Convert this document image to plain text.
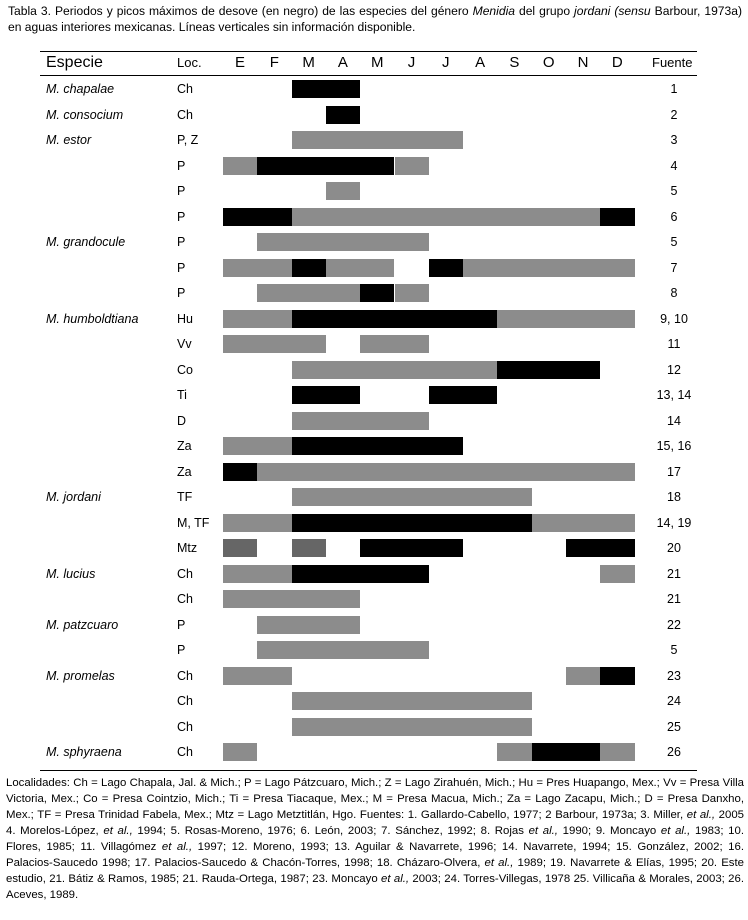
Tabla 3. Periodos y picos máximos de desove (en negro) de las especies del género Menidia del grupo jordani (sensu Barbour, 1973a) en aguas interiores mexicanas. Líneas verticales sin información disponible.
Especie	Loc.	E	F	M	A	M	J	J	A	S	O	N	D	Fuente
M. chapalae	Ch	1
M. consocium	Ch	2
M. estor	P, Z	3
P	4
P	5
P	6
M. grandocule	P	5
P	7
P	8
M. humboldtiana	Hu	9, 10
Vv	11
Co	12
Ti	13, 14
D	14
Za	15, 16
Za	17
M. jordani	TF	18
M, TF	14, 19
Mtz	20
M. lucius	Ch	21
Ch	21
M. patzcuaro	P	22
P	5
M. promelas	Ch	23
Ch	24
Ch	25
M. sphyraena	Ch	26
Localidades: Ch = Lago Chapala, Jal. & Mich.; P = Lago Pátzcuaro, Mich.; Z = Lago Zirahuén, Mich.; Hu = Pres Huapango, Mex.; Vv = Presa Villa Victoria, Mex.; Co = Presa Cointzio, Mich.; Ti = Presa Tiacaque, Mex.; M = Presa Macua, Mich.; Za = Lago Zacapu, Mich.; D = Presa Danxho, Mex.; TF = Presa Trinidad Fabela, Mex.; Mtz = Lago Metztitlán, Hgo. Fuentes: 1. Gallardo-Cabello, 1977; 2 Barbour, 1973a; 3. Miller, et al., 2005 4. Morelos-López, et al., 1994; 5. Rosas-Moreno, 1976; 6. León, 2003; 7. Sánchez, 1992; 8. Rojas et al., 1990; 9. Moncayo et al., 1983; 10. Flores, 1985; 11. Villagómez et al., 1997; 12. Moreno, 1993; 13. Aguilar & Navarrete, 1996; 14. Navarrete, 1994; 15. González, 2002; 16. Palacios-Saucedo 1998; 17. Palacios-Saucedo & Chacón-Torres, 1998; 18. Cházaro-Olvera, et al., 1989; 19. Navarrete & Elías, 1995; 20. Este estudio, 21. Bátiz & Ramos, 1985; 21. Rauda-Ortega, 1987; 23. Moncayo et al., 2003; 24. Torres-Villegas, 1978 25. Villicaña & Morales, 2003; 26. Aceves, 1989.
